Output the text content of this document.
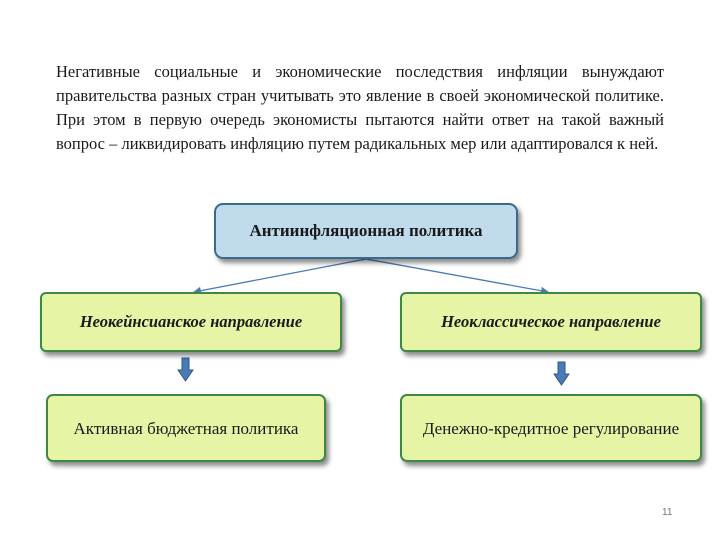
Негативные социальные и экономические последствия инфляции вынуждают правительства разных стран учитывать это явление в своей экономической политике. При этом в первую очередь экономисты пытаются найти ответ на такой важный вопрос – ликвидировать инфляцию путем радикальных мер или адаптировался к ней.

Антиинфляционная политика
Неокейнсианское направление	Неоклассическое направление
Активная бюджетная политика	Денежно-кредитное регулирование
11
